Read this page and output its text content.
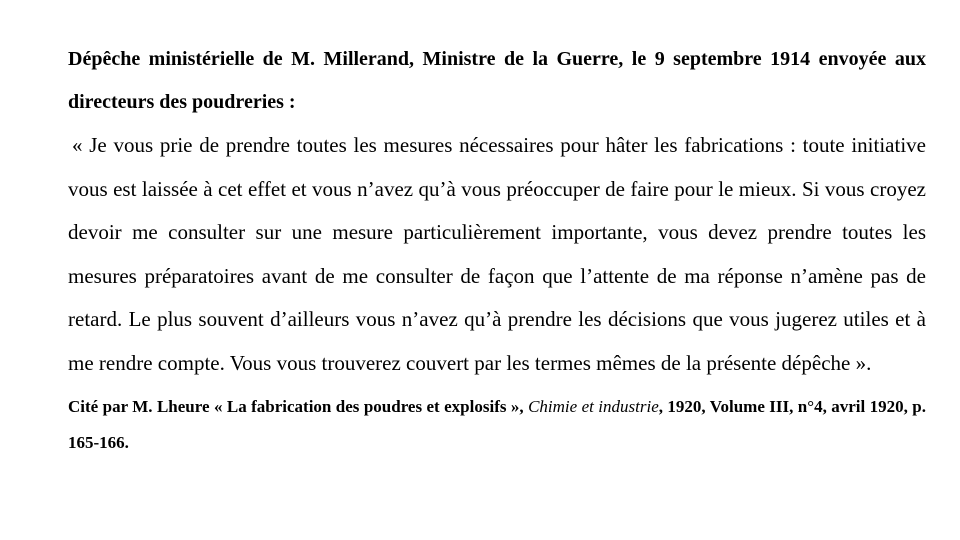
Dépêche ministérielle de M. Millerand, Ministre de la Guerre, le 9 septembre 1914 envoyée aux directeurs des poudreries :

« Je vous prie de prendre toutes les mesures nécessaires pour hâter les fabrications : toute initiative vous est laissée à cet effet et vous n’avez qu’à vous préoccuper de faire pour le mieux. Si vous croyez devoir me consulter sur une mesure particulièrement importante, vous devez prendre toutes les mesures préparatoires avant de me consulter de façon que l’attente de ma réponse n’amène pas de retard. Le plus souvent d’ailleurs vous n’avez qu’à prendre les décisions que vous jugerez utiles et à me rendre compte. Vous vous trouverez couvert par les termes mêmes de la présente dépêche ».

Cité par M. Lheure « La fabrication des poudres et explosifs », Chimie et industrie, 1920, Volume III, n°4, avril 1920, p. 165-166.
